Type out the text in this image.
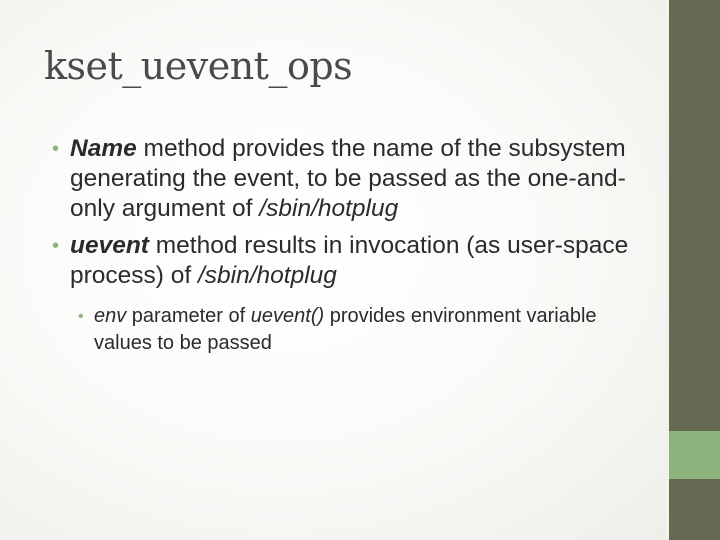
kset_uevent_ops
• Name method provides the name of the subsystem generating the event, to be passed as the one-and-only argument of /sbin/hotplug
• uevent method results in invocation (as user-space process) of /sbin/hotplug
• env parameter of uevent() provides environment variable values to be passed
